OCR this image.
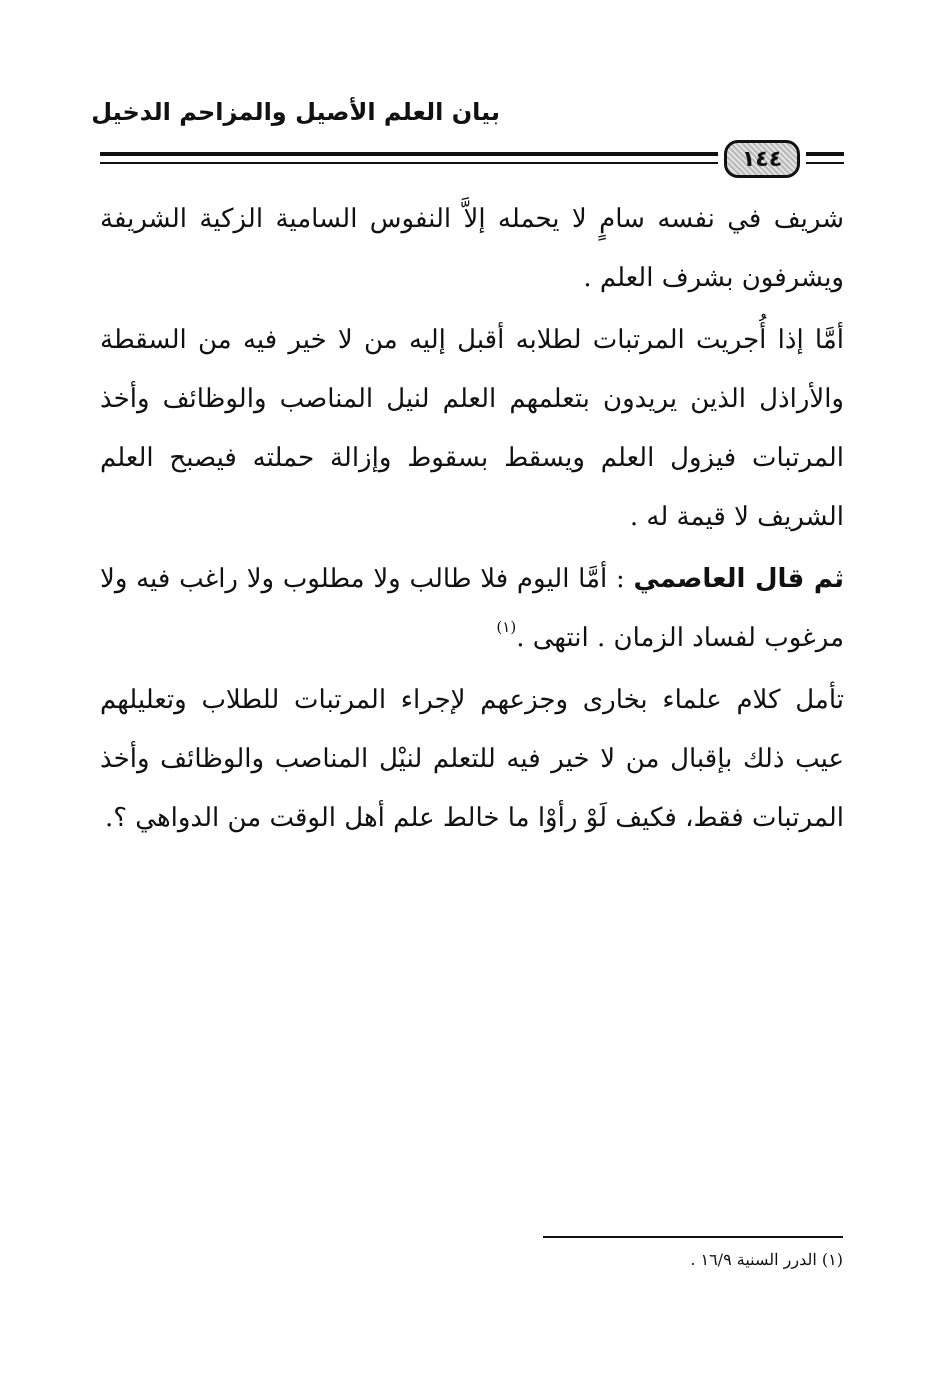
بيان العلم الأصيل والمزاحم الدخيل
١٤٤

شريف في نفسه سامٍ لا يحمله إلاَّ النفوس السامية الزكية الشريفة ويشرفون بشرف العلم .

أمَّا إذا أُجريت المرتبات لطلابه أقبل إليه من لا خير فيه من السقطة والأراذل الذين يريدون بتعلمهم العلم لنيل المناصب والوظائف وأخذ المرتبات فيزول العلم ويسقط بسقوط وإزالة حملته فيصبح العلم الشريف لا قيمة له .

ثم قال العاصمي : أمَّا اليوم فلا طالب ولا مطلوب ولا راغب فيه ولا مرغوب لفساد الزمان . انتهى .$^{(١)}$

تأمل كلام علماء بخارى وجزعهم لإجراء المرتبات للطلاب وتعليلهم عيب ذلك بإقبال من لا خير فيه للتعلم لنيْل المناصب والوظائف وأخذ المرتبات فقط، فكيف لَوْ رأوْا ما خالط علم أهل الوقت من الدواهي ؟.

(١) الدرر السنية ١٦/٩ .
